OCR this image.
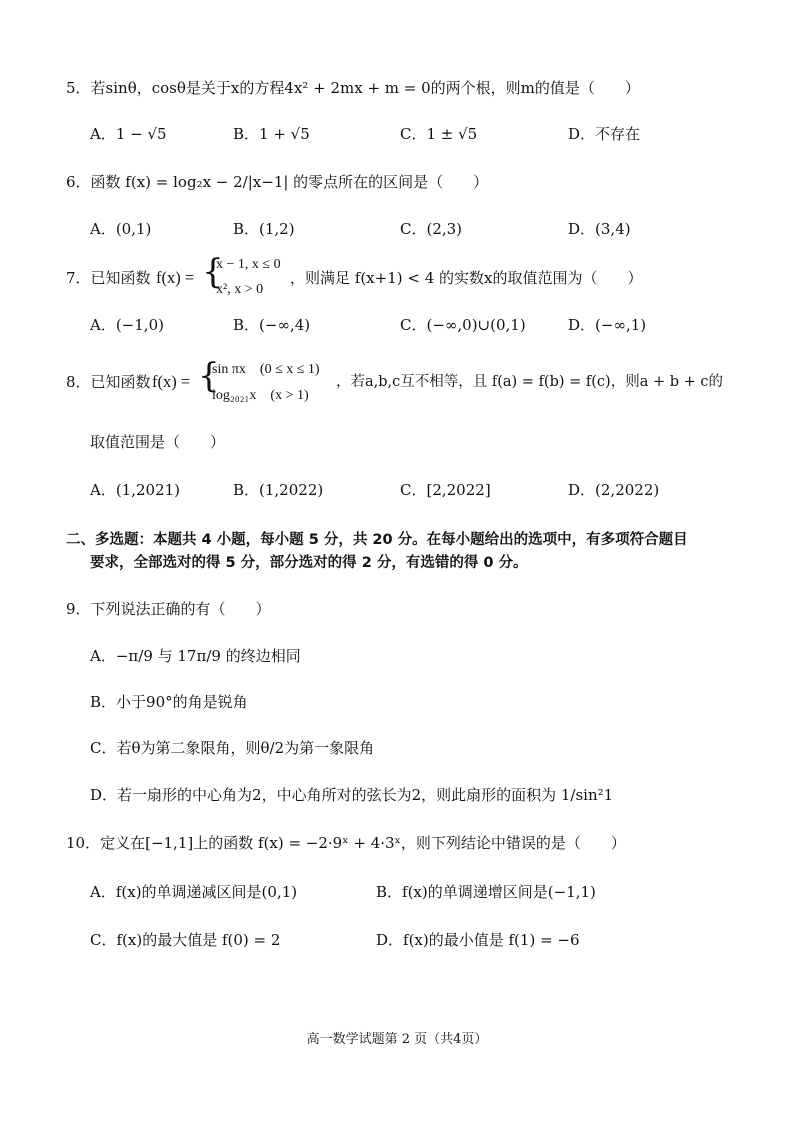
5．若sinθ，cosθ是关于x的方程4x² + 2mx + m = 0的两个根，则m的值是（　　）
A．1 − √5	B．1 + √5	C．1 ± √5	D．不存在
6．函数 f(x) = log₂x − 2/|x−1| 的零点所在的区间是（　　）
A．(0,1)	B．(1,2)	C．(2,3)	D．(3,4)
7．已知函数 f(x) = {
x − 1, x ≤ 0
x², x > 0
，则满足 f(x+1) < 4 的实数x的取值范围为（　　）
A．(−1,0)	B．(−∞,4)	C．(−∞,0)∪(0,1)	D．(−∞,1)
8．已知函数 f(x) = {
sin πx　(0 ≤ x ≤ 1)
log₂₀₂₁x　(x > 1)
，若a,b,c互不相等，且 f(a) = f(b) = f(c)，则a + b + c的
取值范围是（　　）
A．(1,2021)	B．(1,2022)	C．[2,2022]	D．(2,2022)
二、多选题：本题共 4 小题，每小题 5 分，共 20 分。在每小题给出的选项中，有多项符合题目
要求，全部选对的得 5 分，部分选对的得 2 分，有选错的得 0 分。
9．下列说法正确的有（　　）
A．−π/9 与 17π/9 的终边相同
B．小于90°的角是锐角
C．若θ为第二象限角，则θ/2为第一象限角
D．若一扇形的中心角为2，中心角所对的弦长为2，则此扇形的面积为 1/sin²1
10．定义在[−1,1]上的函数 f(x) = −2·9ˣ + 4·3ˣ，则下列结论中错误的是（　　）
A．f(x)的单调递减区间是(0,1)	B．f(x)的单调递增区间是(−1,1)
C．f(x)的最大值是 f(0) = 2	D．f(x)的最小值是 f(1) = −6
高一数学试题第 2 页（共4页）
